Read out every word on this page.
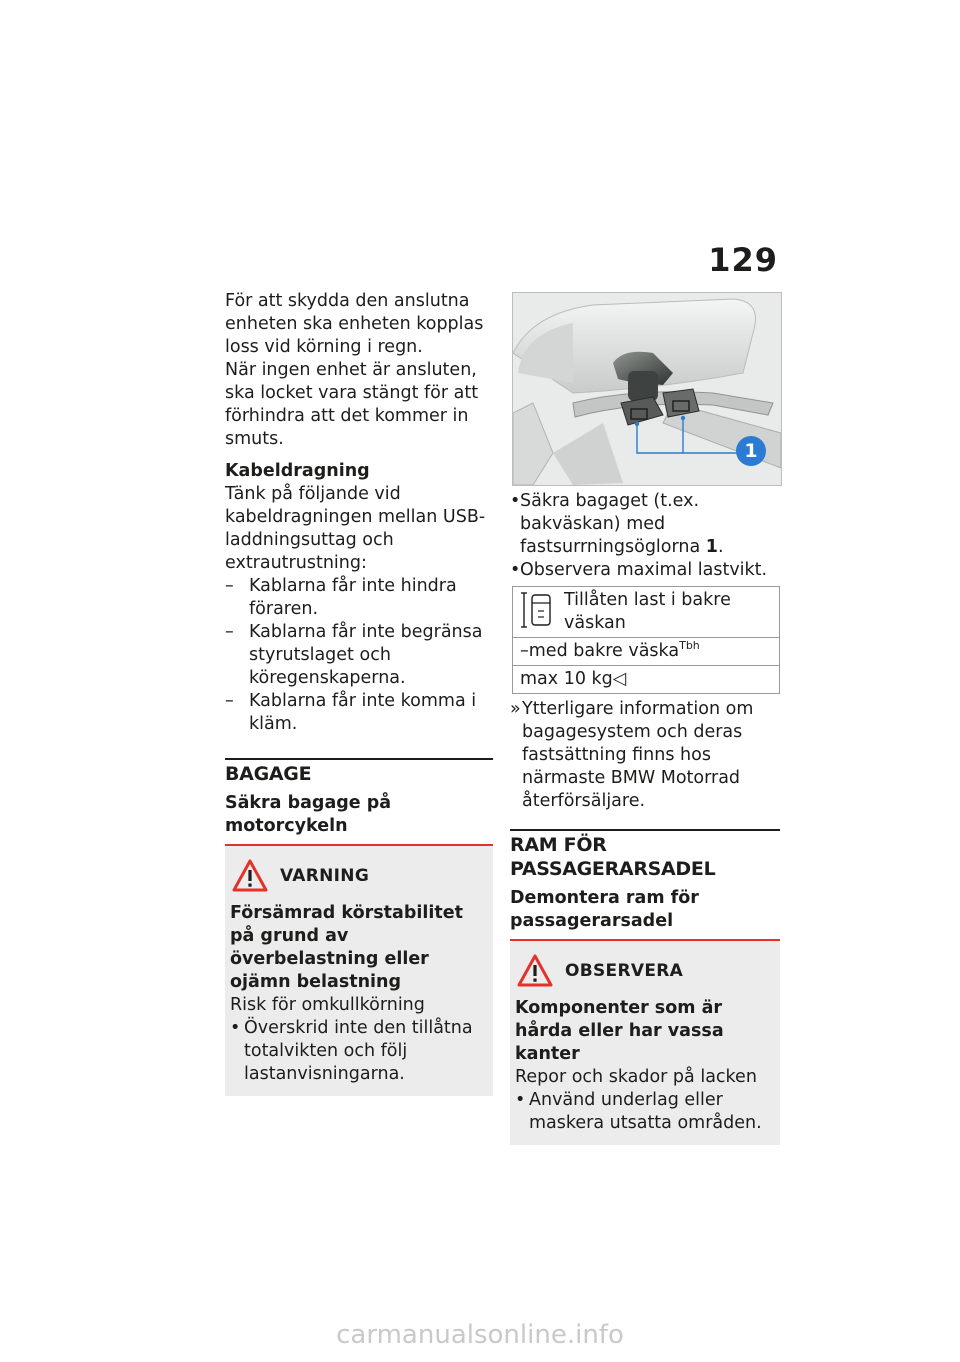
129

För att skydda den anslutna enheten ska enheten kopplas loss vid körning i regn.

När ingen enhet är ansluten, ska locket vara stängt för att förhindra att det kommer in smuts.

Kabeldragning

Tänk på följande vid kabeldragningen mellan USB-laddningsuttag och extrautrustning:

– Kablarna får inte hindra föraren.
– Kablarna får inte begränsa styrutslaget och köregenskaperna.
– Kablarna får inte komma i kläm.
BAGAGE
Säkra bagage på motorcykeln
VARNING

Försämrad körstabilitet på grund av överbelastning eller ojämn belastning

Risk för omkullkörning

• Överskrid inte den tillåtna totalvikten och följ lastanvisningarna.
1
• Säkra bagaget (t.ex. bakväskan) med fastsurrningsöglorna 1.
• Observera maximal lastvikt.
Tillåten last i bakre väskan

–med bakre väska$^{Tbh}$
max 10 kg◁
» Ytterligare information om bagagesystem och deras fastsättning finns hos närmaste BMW Motorrad återförsäljare.
RAM FÖR PASSAGERARSADEL
Demontera ram för passagerarsadel
OBSERVERA

Komponenter som är hårda eller har vassa kanter

Repor och skador på lacken

• Använd underlag eller maskera utsatta områden.
carmanualsonline.info
